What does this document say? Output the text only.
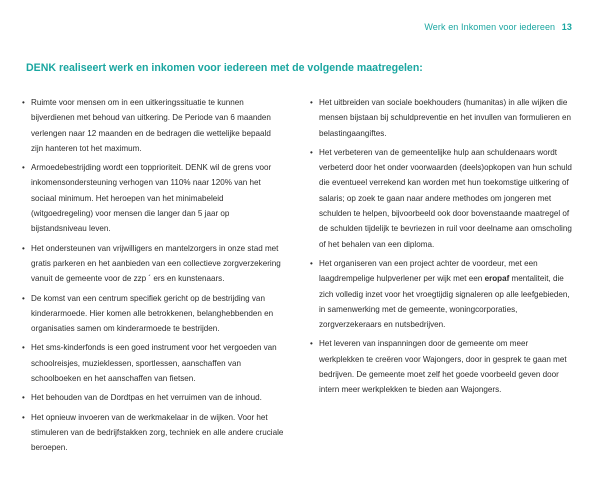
Werk en Inkomen voor iedereen 13
DENK realiseert werk en inkomen voor iedereen met de volgende maatregelen:
• Ruimte voor mensen om in een uitkeringssituatie te kunnen bijverdienen met behoud van uitkering. De Periode van 6 maanden verlengen naar 12 maanden en de bedragen die wettelijke bepaald zijn hanteren tot het maximum.
• Armoedebestrijding wordt een topprioriteit. DENK wil de grens voor inkomensondersteuning verhogen van 110% naar 120% van het sociaal minimum. Het heroepen van het minimabeleid (witgoedregeling) voor mensen die langer dan 5 jaar op bijstandsniveau leven.
• Het ondersteunen van vrijwilligers en mantelzorgers in onze stad met gratis parkeren en het aanbieden van een collectieve zorgverzekering vanuit de gemeente voor de zzp ´ ers en kunstenaars.
• De komst van een centrum specifiek gericht op de bestrijding van kinderarmoede. Hier komen alle betrokkenen, belanghebbenden en organisaties samen om kinderarmoede te bestrijden.
• Het sms-kinderfonds is een goed instrument voor het vergoeden van schoolreisjes, muzieklessen, sportlessen, aanschaffen van schoolboeken en het aanschaffen van fietsen.
• Het behouden van de Dordtpas en het verruimen van de inhoud.
• Het opnieuw invoeren van de werkmakelaar in de wijken. Voor het stimuleren van de bedrijfstakken zorg, techniek en alle andere cruciale beroepen.
• Het uitbreiden van sociale boekhouders (humanitas) in alle wijken die mensen bijstaan bij schuldpreventie en het invullen van formulieren en belastingaangiftes.
• Het verbeteren van de gemeentelijke hulp aan schuldenaars wordt verbeterd door het onder voorwaarden (deels)opkopen van hun schuld die eventueel verrekend kan worden met hun toekomstige uitkering of salaris; op zoek te gaan naar andere methodes om jongeren met schulden te helpen, bijvoorbeeld ook door bovenstaande maatregel of de schulden tijdelijk te bevriezen in ruil voor deelname aan omscholing of het behalen van een diploma.
• Het organiseren van een project achter de voordeur, met een laagdrempelige hulpverlener per wijk met een eropaf mentaliteit, die zich volledig inzet voor het vroegtijdig signaleren op alle leefgebieden, in samenwerking met de gemeente, woningcorporaties, zorgverzekeraars en nutsbedrijven.
• Het leveren van inspanningen door de gemeente om meer werkplekken te creëren voor Wajongers, door in gesprek te gaan met bedrijven. De gemeente moet zelf het goede voorbeeld geven door intern meer werkplekken te bieden aan Wajongers.
